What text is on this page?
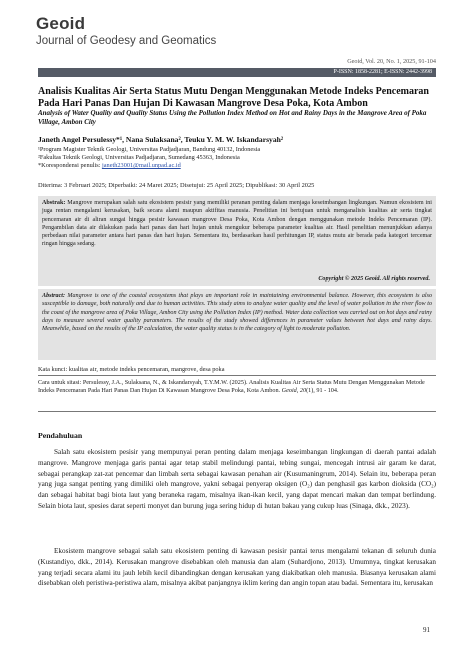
Geoid
Journal of Geodesy and Geomatics
Geoid, Vol. 20, No. 1, 2025, 91-104
P-ISSN: 1858-2281; E-ISSN: 2442-3998
Analisis Kualitas Air Serta Status Mutu Dengan Menggunakan Metode Indeks Pencemaran Pada Hari Panas Dan Hujan Di Kawasan Mangrove Desa Poka, Kota Ambon
Analysis of Water Quality and Quality Status Using the Pollution Index Method on Hot and Rainy Days in the Mangrove Area of Poka Village, Ambon City
Janeth Angel Persulessy*¹, Nana Sulaksana², Teuku Y. M. W. Iskandarsyah²
¹Program Magister Teknik Geologi, Universitas Padjadjaran, Bandung 40132, Indonesia
²Fakultas Teknik Geologi, Universitas Padjadjaran, Sumedang 45363, Indonesia
*Korespondensi penulis: janeth23001@mail.unpad.ac.id
Diterima: 3 Februari 2025; Diperbaiki: 24 Maret 2025; Disetujui: 25 April 2025; Dipublikasi: 30 April 2025
Abstrak: Mangrove merupakan salah satu ekosistem pesisir yang memiliki peranan penting dalam menjaga keseimbangan lingkungan. Namun ekosistem ini juga rentan mengalami kerusakan, baik secara alami maupun aktifitas manusia. Penelitian ini bertujuan untuk menganalisis kualitas air serta tingkat pencemaran air di aliran sungai hingga pesisir kawasan mangrove Desa Poka, Kota Ambon dengan menggunakan metode Indeks Pencemaran (IP). Pengambilan data air dilakukan pada hari panas dan hari hujan untuk mengukur beberapa parameter kualitas air. Hasil penelitian menunjukkan adanya perbedaan nilai parameter antara hari panas dan hari hujan. Sementara itu, berdasarkan hasil perhitungan IP, status mutu air berada pada kategori tercemar ringan hingga sedang.
Copyright © 2025 Geoid. All rights reserved.
Abstract: Mangrove is one of the coastal ecosystems that plays an important role in maintaining environmental balance. However, this ecosystem is also susceptible to damage, both naturally and due to human activities. This study aims to analyze water quality and the level of water pollution in the river flow to the coast of the mangrove area of Poka Village, Ambon City using the Pollution Index (IP) method. Water data collection was carried out on hot days and rainy days to measure several water quality parameters. The results of the study showed differences in parameter values between hot days and rainy days. Meanwhile, based on the results of the IP calculation, the water quality status is in the category of light to moderate pollution.
Kata kunci: kualitas air, metode indeks pencemaran, mangrove, desa poka
Cara untuk sitasi: Persulessy, J.A., Sulaksana, N., & Iskandarsyah, T.Y.M.W. (2025). Analisis Kualitas Air Serta Status Mutu Dengan Menggunakan Metode Indeks Pencemaran Pada Hari Panas Dan Hujan Di Kawasan Mangrove Desa Poka, Kota Ambon. Geoid, 20(1), 91 - 104.
Pendahuluan
Salah satu ekosistem pesisir yang mempunyai peran penting dalam menjaga keseimbangan lingkungan di daerah pantai adalah mangrove. Mangrove menjaga garis pantai agar tetap stabil melindungi pantai, tebing sungai, mencegah intrusi air garam ke darat, sebagai perangkap zat-zat pencemar dan limbah serta sebagai kawasan penahan air (Kusumaningrum, 2014). Selain itu, beberapa peran yang juga sangat penting yang dimiliki oleh mangrove, yakni sebagai penyerap oksigen (O₂) dan penghasil gas karbon dioksida (CO₂) dan sebagai habitat bagi biota laut yang beraneka ragam, misalnya ikan-ikan kecil, yang dapat mencari makan dan tempat berlindung. Selain biota laut, spesies darat seperti monyet dan burung juga sering hidup di hutan bakau yang cukup luas (Sinaga, dkk., 2023).
Ekosistem mangrove sebagai salah satu ekosistem penting di kawasan pesisir pantai terus mengalami tekanan di seluruh dunia (Kustandiyo, dkk., 2014). Kerusakan mangrove disebabkan oleh manusia dan alam (Suhardjono, 2013). Umumnya, tingkat kerusakan yang terjadi secara alami itu jauh lebih kecil dibandingkan dengan kerusakan yang diakibatkan oleh manusia. Biasanya kerusakan alami disebabkan oleh peristiwa-peristiwa alam, misalnya akibat panjangnya iklim kering dan angin topan atau badai. Sementara itu, kerusakan
91
